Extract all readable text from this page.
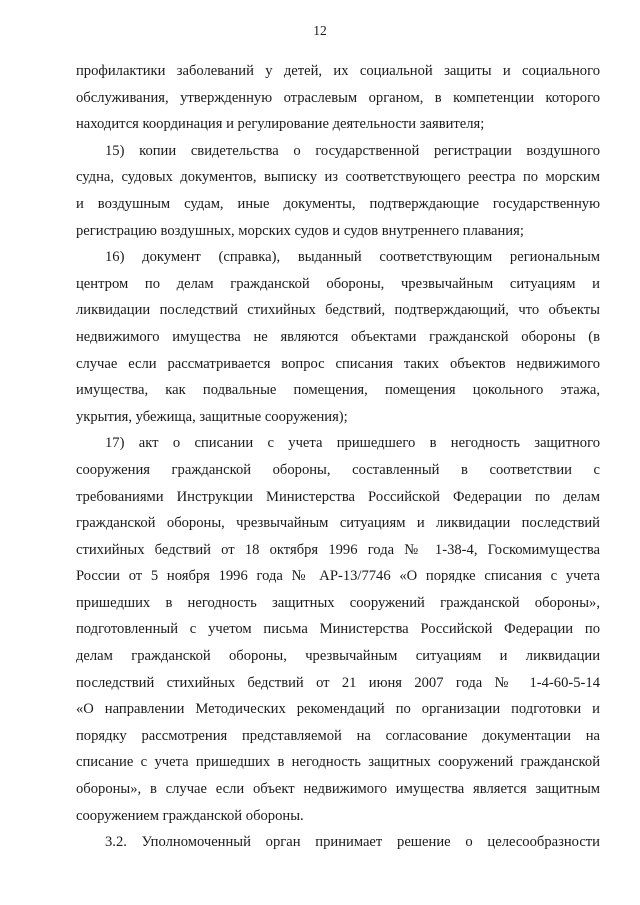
12
профилактики заболеваний у детей, их социальной защиты и социального
обслуживания, утвержденную отраслевым органом, в компетенции которого
находится координация и регулирование деятельности заявителя;
15) копии свидетельства о государственной регистрации воздушного
судна, судовых документов, выписку из соответствующего реестра по морским
и воздушным судам, иные документы, подтверждающие государственную
регистрацию воздушных, морских судов и судов внутреннего плавания;
16) документ (справка), выданный соответствующим региональным
центром по делам гражданской обороны, чрезвычайным ситуациям и
ликвидации последствий стихийных бедствий, подтверждающий, что объекты
недвижимого имущества не являются объектами гражданской обороны (в
случае если рассматривается вопрос списания таких объектов недвижимого
имущества, как подвальные помещения, помещения цокольного этажа,
укрытия, убежища, защитные сооружения);
17) акт о списании с учета пришедшего в негодность защитного
сооружения гражданской обороны, составленный в соответствии с
требованиями Инструкции Министерства Российской Федерации по делам
гражданской обороны, чрезвычайным ситуациям и ликвидации последствий
стихийных бедствий от 18 октября 1996 года № 1-38-4, Госкомимущества
России от 5 ноября 1996 года № АР-13/7746 «О порядке списания с учета
пришедших в негодность защитных сооружений гражданской обороны»,
подготовленный с учетом письма Министерства Российской Федерации по
делам гражданской обороны, чрезвычайным ситуациям и ликвидации
последствий стихийных бедствий от 21 июня 2007 года № 1-4-60-5-14
«О направлении Методических рекомендаций по организации подготовки и
порядку рассмотрения представляемой на согласование документации на
списание с учета пришедших в негодность защитных сооружений гражданской
обороны», в случае если объект недвижимого имущества является защитным
сооружением гражданской обороны.
3.2. Уполномоченный орган принимает решение о целесообразности
